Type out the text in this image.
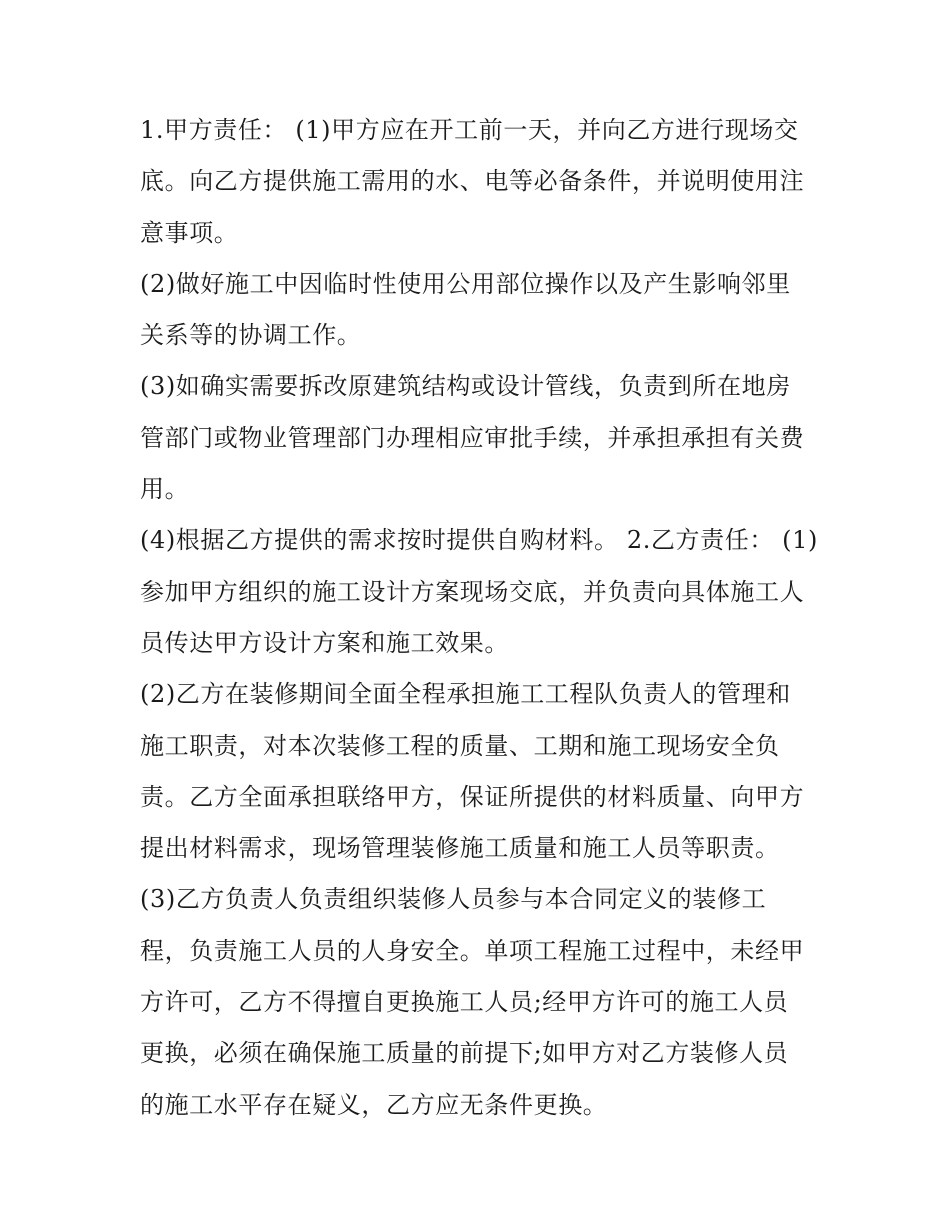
1.甲方责任： (1)甲方应在开工前一天，并向乙方进行现场交
底。向乙方提供施工需用的水、电等必备条件，并说明使用注
意事项。
(2)做好施工中因临时性使用公用部位操作以及产生影响邻里
关系等的协调工作。
(3)如确实需要拆改原建筑结构或设计管线，负责到所在地房
管部门或物业管理部门办理相应审批手续，并承担承担有关费
用。
(4)根据乙方提供的需求按时提供自购材料。 2.乙方责任： (1)
参加甲方组织的施工设计方案现场交底，并负责向具体施工人
员传达甲方设计方案和施工效果。
(2)乙方在装修期间全面全程承担施工工程队负责人的管理和
施工职责，对本次装修工程的质量、工期和施工现场安全负
责。乙方全面承担联络甲方，保证所提供的材料质量、向甲方
提出材料需求，现场管理装修施工质量和施工人员等职责。
(3)乙方负责人负责组织装修人员参与本合同定义的装修工
程，负责施工人员的人身安全。单项工程施工过程中，未经甲
方许可，乙方不得擅自更换施工人员;经甲方许可的施工人员
更换，必须在确保施工质量的前提下;如甲方对乙方装修人员
的施工水平存在疑义，乙方应无条件更换。
